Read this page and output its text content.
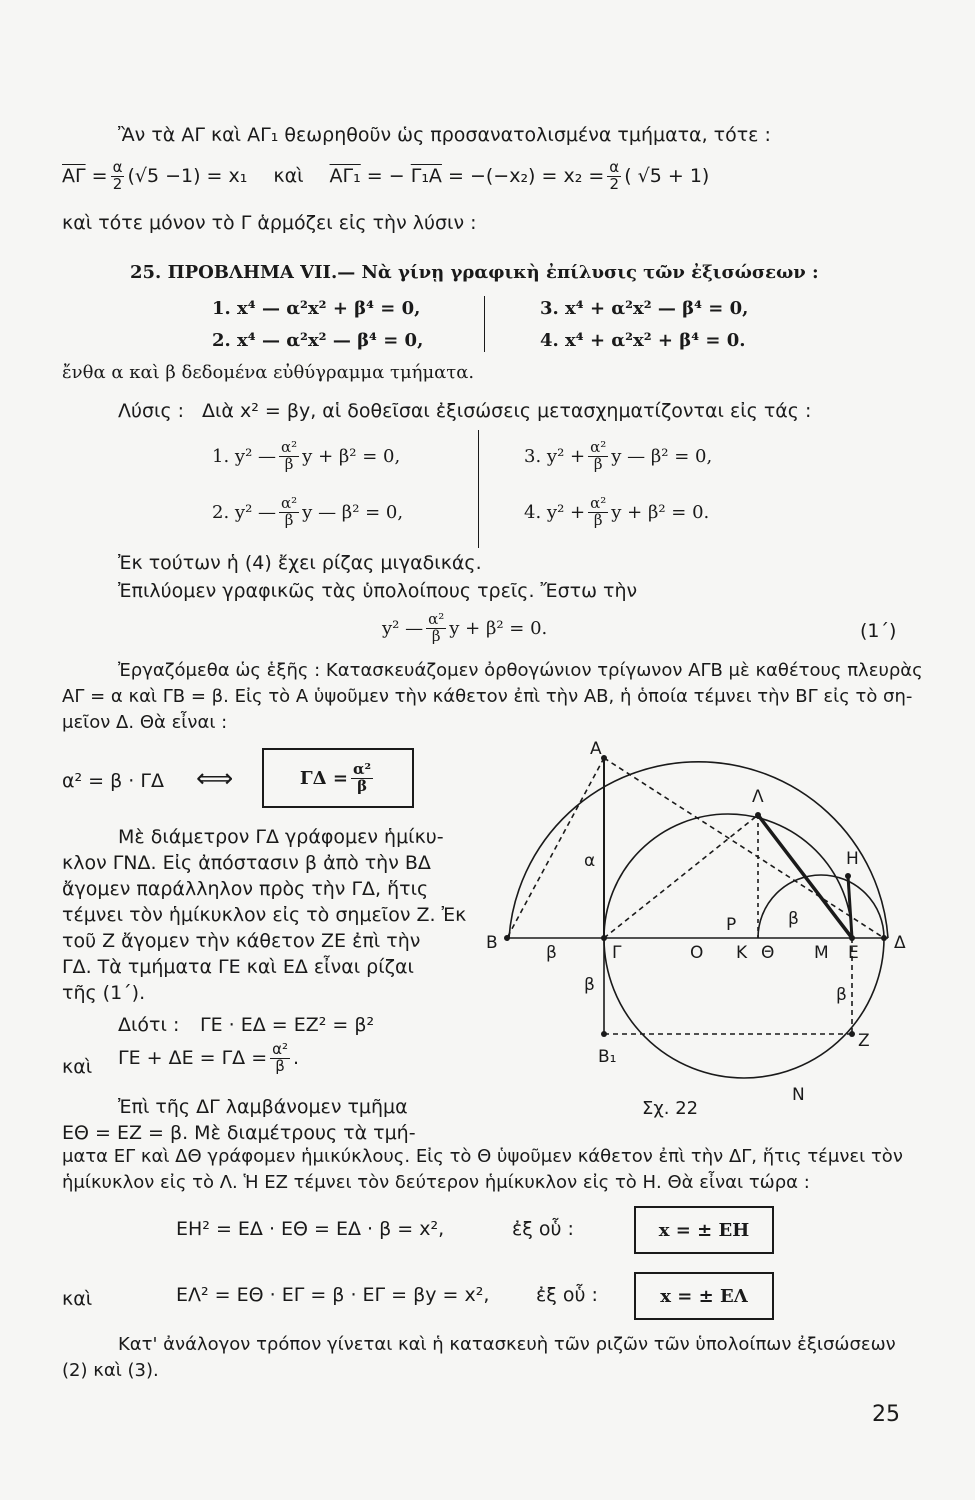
Ἂν τὰ ΑΓ καὶ ΑΓ₁ θεωρηθοῦν ὡς προσανατολισμένα τμήματα, τότε :
$\overline{A\Gamma} = \frac{\alpha}{2} (√5 -1) = x_1$ καὶ ΑΓ₁
= −
Γ₁Α
= $-(-x_2) = x_2 = \frac{\alpha}{2}$ ( √5 + 1)
καὶ τότε μόνον τὸ Γ ἁρμόζει εἰς τὴν λύσιν :
25. ΠΡΟΒΛΗΜΑ VII.— Νὰ γίνῃ γραφικὴ ἐπίλυσις τῶν ἐξισώσεων :
1. x⁴ — α²x² + β⁴ = 0,
2. x⁴ — α²x² — β⁴ = 0,
3. x⁴ + α²x² — β⁴ = 0,
4. x⁴ + α²x² + β⁴ = 0.
ἔνθα α καὶ β δεδομένα εὐθύγραμμα τμήματα.
Λύσις : Διὰ x² = βy, αἱ δοθεῖσαι ἐξισώσεις μετασχηματίζονται εἰς τάς :
1. y² — $\frac{\text{α²}}{\beta}$ y + β² = 0,
2. y² — $\frac{\text{α²}}{\beta}$ y — β² = 0,
3. $y^2 + \frac{\text{α²}}{\beta}$ y — β² = 0,
4. $y^2 + \frac{\text{α²}}{\beta}$ y + β² = 0.
Ἐκ τούτων ἡ (4) ἔχει ρίζας μιγαδικάς.
Ἐπιλύομεν γραφικῶς τὰς ὑπολοίπους τρεῖς. Ἔστω τὴν
y² — $\frac{\text{α²}}{\beta}$ y + β² = 0.	(1΄)
Ἐργαζόμεθα ὡς ἑξῆς : Κατασκευάζομεν ὀρθογώνιον τρίγωνον ΑΓΒ μὲ καθέτους πλευρὰς
ΑΓ = α καὶ ΓΒ = β. Εἰς τὸ Α ὑψοῦμεν τὴν κάθετον ἐπὶ τὴν ΑΒ, ἡ ὁποία τέμνει τὴν ΒΓ εἰς τὸ ση-
μεῖον Δ. Θὰ εἶναι :
α² = β · ΓΔ ⟺	$\Gamma\Delta = \frac{\text{α²}}{\beta}$
Μὲ διάμετρον ΓΔ γράφομεν ἡμίκυ-
κλον ΓΝΔ. Εἰς ἀπόστασιν β ἀπὸ τὴν ΒΔ
ἄγομεν παράλληλον πρὸς τὴν ΓΔ, ἥτις
τέμνει τὸν ἡμίκυκλον εἰς τὸ σημεῖον Ζ. Ἐκ
τοῦ Ζ ἄγομεν τὴν κάθετον ΖΕ ἐπὶ τὴν
ΓΔ. Τὰ τμήματα ΓΕ καὶ ΕΔ εἶναι ρίζαι
τῆς (1΄).
Διότι : ΓΕ · ΕΔ = ΕΖ² = β²
καὶ $\Gamma E + \Delta E = \Gamma\Delta = \frac{\text{α²}}{\beta}$ .
Ἐπὶ τῆς ΔΓ λαμβάνομεν τμῆμα
ΕΘ = ΕΖ = β. Μὲ διαμέτρους τὰ τμή-
ματα ΕΓ καὶ ΔΘ γράφομεν ἡμικύκλους. Εἰς τὸ Θ ὑψοῦμεν κάθετον ἐπὶ τὴν ΔΓ, ἥτις τέμνει τὸν
ἡμίκυκλον εἰς τὸ Λ. Ἡ ΕΖ τέμνει τὸν δεύτερον ἡμίκυκλον εἰς τὸ Η. Θὰ εἶναι τώρα :
ΕΗ² = ΕΔ · ΕΘ = ΕΔ · β = x²,	ἐξ οὗ :	x = ± ΕΗ
καὶ	ΕΛ² = ΕΘ · ΕΓ = β · ΕΓ = βy = x², ἐξ οὗ :	x = ± ΕΛ
Κατ' ἀνάλογον τρόπον γίνεται καὶ ἡ κατασκευὴ τῶν ριζῶν τῶν ὑπολοίπων ἐξισώσεων
(2) καὶ (3).
25
Α
Λ
Η
Β	Γ	Ο Κ Θ Μ Ε Δ
Ρ
Ζ
Β₁
Ν
α
β
β
β
β
Σχ. 22
